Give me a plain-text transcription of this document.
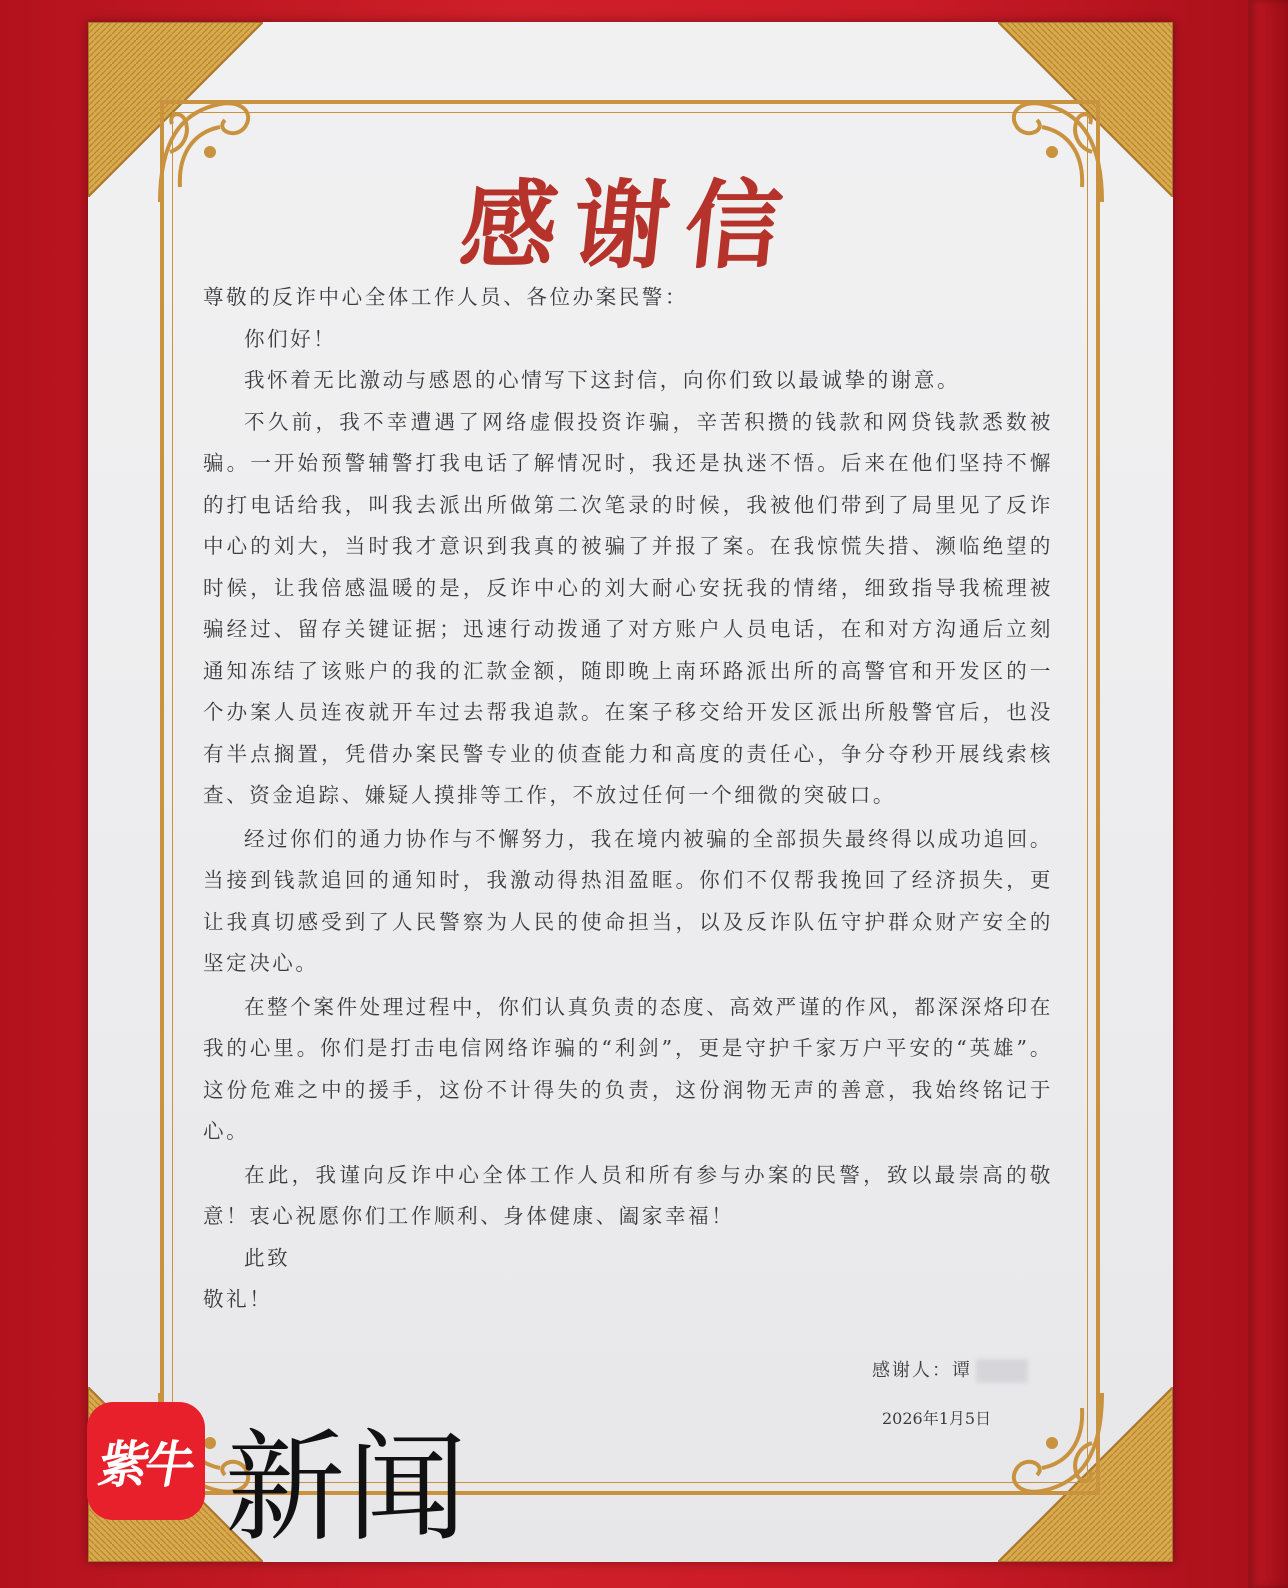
感谢信

尊敬的反诈中心全体工作人员、各位办案民警：

你们好！

我怀着无比激动与感恩的心情写下这封信，向你们致以最诚挚的谢意。

不久前，我不幸遭遇了网络虚假投资诈骗，辛苦积攒的钱款和网贷钱款悉数被骗。一开始预警辅警打我电话了解情况时，我还是执迷不悟。后来在他们坚持不懈的打电话给我，叫我去派出所做第二次笔录的时候，我被他们带到了局里见了反诈中心的刘大，当时我才意识到我真的被骗了并报了案。在我惊慌失措、濒临绝望的时候，让我倍感温暖的是，反诈中心的刘大耐心安抚我的情绪，细致指导我梳理被骗经过、留存关键证据；迅速行动拨通了对方账户人员电话，在和对方沟通后立刻通知冻结了该账户的我的汇款金额，随即晚上南环路派出所的高警官和开发区的一个办案人员连夜就开车过去帮我追款。在案子移交给开发区派出所般警官后，也没有半点搁置，凭借办案民警专业的侦查能力和高度的责任心，争分夺秒开展线索核查、资金追踪、嫌疑人摸排等工作，不放过任何一个细微的突破口。

经过你们的通力协作与不懈努力，我在境内被骗的全部损失最终得以成功追回。当接到钱款追回的通知时，我激动得热泪盈眶。你们不仅帮我挽回了经济损失，更让我真切感受到了人民警察为人民的使命担当，以及反诈队伍守护群众财产安全的坚定决心。

在整个案件处理过程中，你们认真负责的态度、高效严谨的作风，都深深烙印在我的心里。你们是打击电信网络诈骗的“利剑”，更是守护千家万户平安的“英雄”。这份危难之中的援手，这份不计得失的负责，这份润物无声的善意，我始终铭记于心。

在此，我谨向反诈中心全体工作人员和所有参与办案的民警，致以最崇高的敬意！衷心祝愿你们工作顺利、身体健康、阖家幸福！

此致

敬礼！

感谢人：谭
2026年1月5日
紫牛 新闻
